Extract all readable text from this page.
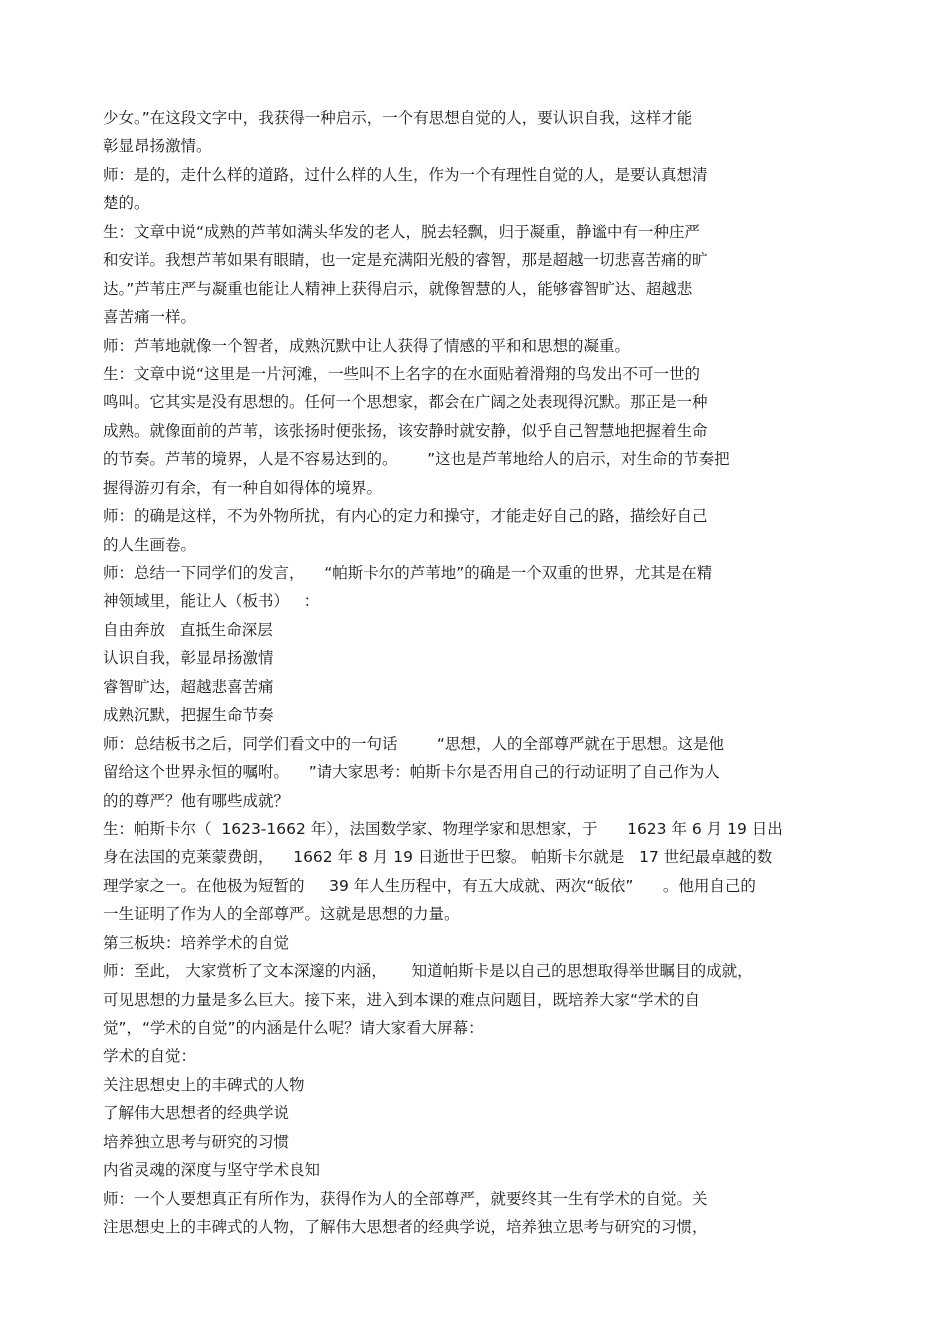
少女。”在这段文字中，我获得一种启示，一个有思想自觉的人，要认识自我，这样才能
彰显昂扬激情。
师：是的，走什么样的道路，过什么样的人生，作为一个有理性自觉的人，是要认真想清
楚的。
生：文章中说“成熟的芦苇如满头华发的老人，脱去轻飘，归于凝重，静谧中有一种庄严
和安详。我想芦苇如果有眼睛，也一定是充满阳光般的睿智，那是超越一切悲喜苦痛的旷
达。”芦苇庄严与凝重也能让人精神上获得启示，就像智慧的人，能够睿智旷达、超越悲
喜苦痛一样。
师：芦苇地就像一个智者，成熟沉默中让人获得了情感的平和和思想的凝重。
生：文章中说“这里是一片河滩，一些叫不上名字的在水面贴着滑翔的鸟发出不可一世的
鸣叫。它其实是没有思想的。任何一个思想家，都会在广阔之处表现得沉默。那正是一种
成熟。就像面前的芦苇，该张扬时便张扬，该安静时就安静，似乎自己智慧地把握着生命
的节奏。芦苇的境界，人是不容易达到的。      ”这也是芦苇地给人的启示，对生命的节奏把
握得游刃有余，有一种自如得体的境界。
师：的确是这样，不为外物所扰，有内心的定力和操守，才能走好自己的路，描绘好自己
的人生画卷。
师：总结一下同学们的发言，    “帕斯卡尔的芦苇地”的确是一个双重的世界，尤其是在精
神领域里，能让人（板书）   ：
自由奔放   直抵生命深层
认识自我，彰显昂扬激情
睿智旷达，超越悲喜苦痛
成熟沉默，把握生命节奏
师：总结板书之后，同学们看文中的一句话        “思想，人的全部尊严就在于思想。这是他
留给这个世界永恒的嘱咐。    ”请大家思考：帕斯卡尔是否用自己的行动证明了自己作为人
的的尊严？他有哪些成就？
生：帕斯卡尔（  1623-1662 年），法国数学家、物理学家和思想家，于      1623 年 6 月 19 日出
身在法国的克莱蒙费朗，    1662 年 8 月 19 日逝世于巴黎。 帕斯卡尔就是   17 世纪最卓越的数
理学家之一。在他极为短暂的     39 年人生历程中，有五大成就、两次“皈依”      。他用自己的
一生证明了作为人的全部尊严。这就是思想的力量。
第三板块：培养学术的自觉
师：至此， 大家赏析了文本深邃的内涵，     知道帕斯卡是以自己的思想取得举世瞩目的成就，
可见思想的力量是多么巨大。接下来，进入到本课的难点问题目，既培养大家“学术的自
觉”，“学术的自觉”的内涵是什么呢？请大家看大屏幕：
学术的自觉：
关注思想史上的丰碑式的人物
了解伟大思想者的经典学说
培养独立思考与研究的习惯
内省灵魂的深度与坚守学术良知
师：一个人要想真正有所作为，获得作为人的全部尊严，就要终其一生有学术的自觉。关
注思想史上的丰碑式的人物，了解伟大思想者的经典学说，培养独立思考与研究的习惯，
